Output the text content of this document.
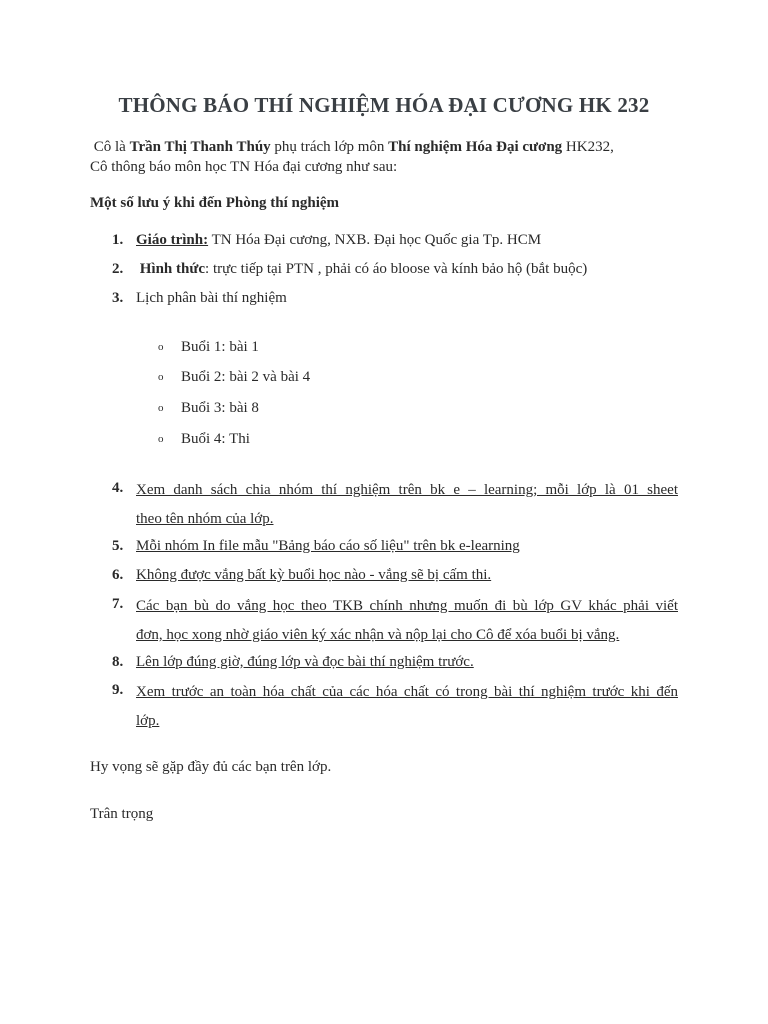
THÔNG BÁO THÍ NGHIỆM HÓA ĐẠI CƯƠNG HK 232
Cô là Trần Thị Thanh Thúy phụ trách lớp môn Thí nghiệm Hóa Đại cương HK232,
Cô thông báo môn học TN Hóa đại cương như sau:
Một số lưu ý khi đến Phòng thí nghiệm
1. Giáo trình: TN Hóa Đại cương, NXB. Đại học Quốc gia Tp. HCM
2. Hình thức: trực tiếp tại PTN , phải có áo bloose và kính bảo hộ (bắt buộc)
3. Lịch phân bài thí nghiệm
o Buổi 1: bài 1
o Buổi 2: bài 2 và bài 4
o Buổi 3: bài 8
o Buổi 4: Thi
4. Xem danh sách chia nhóm thí nghiệm trên bk e – learning; mỗi lớp là 01 sheet
theo tên nhóm của lớp.
5. Mỗi nhóm In file mẫu "Bảng báo cáo số liệu" trên bk e-learning
6. Không được vắng bất kỳ buổi học nào - vắng sẽ bị cấm thi.
7. Các bạn bù do vắng học theo TKB chính nhưng muốn đi bù lớp GV khác phải viết
đơn, học xong nhờ giáo viên ký xác nhận và nộp lại cho Cô để xóa buổi bị vắng.
8. Lên lớp đúng giờ, đúng lớp và đọc bài thí nghiệm trước.
9. Xem trước an toàn hóa chất của các hóa chất có trong bài thí nghiệm trước khi đến
lớp.
Hy vọng sẽ gặp đầy đủ các bạn trên lớp.
Trân trọng
